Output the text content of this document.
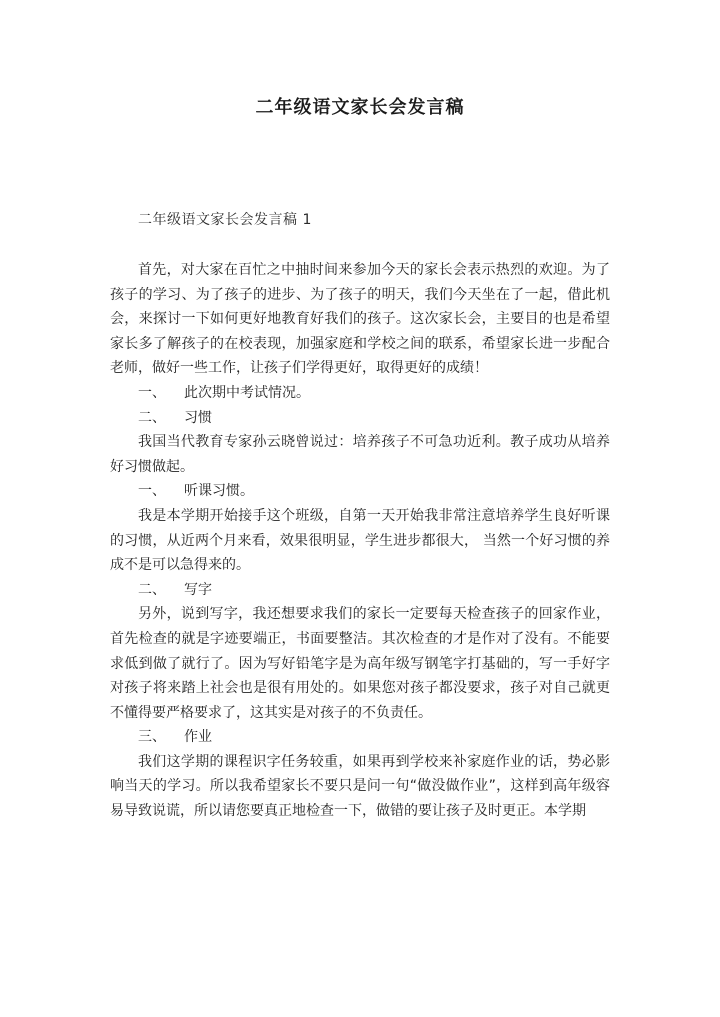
二年级语文家长会发言稿
二年级语文家长会发言稿 1

首先，对大家在百忙之中抽时间来参加今天的家长会表示热烈的欢迎。为了孩子的学习、为了孩子的进步、为了孩子的明天，我们今天坐在了一起，借此机会，来探讨一下如何更好地教育好我们的孩子。这次家长会，主要目的也是希望家长多了解孩子的在校表现，加强家庭和学校之间的联系，希望家长进一步配合老师，做好一些工作，让孩子们学得更好，取得更好的成绩！

一、 此次期中考试情况。

二、 习惯

我国当代教育专家孙云晓曾说过：培养孩子不可急功近利。教子成功从培养好习惯做起。

一、 听课习惯。

我是本学期开始接手这个班级，自第一天开始我非常注意培养学生良好听课的习惯，从近两个月来看，效果很明显，学生进步都很大， 当然一个好习惯的养成不是可以急得来的。

二、 写字

另外，说到写字，我还想要求我们的家长一定要每天检查孩子的回家作业，首先检查的就是字迹要端正，书面要整洁。其次检查的才是作对了没有。不能要求低到做了就行了。因为写好铅笔字是为高年级写钢笔字打基础的，写一手好字对孩子将来踏上社会也是很有用处的。如果您对孩子都没要求，孩子对自己就更不懂得要严格要求了，这其实是对孩子的不负责任。

三、 作业

我们这学期的课程识字任务较重，如果再到学校来补家庭作业的话，势必影响当天的学习。所以我希望家长不要只是问一句“做没做作业”，这样到高年级容易导致说谎，所以请您要真正地检查一下，做错的要让孩子及时更正。本学期
